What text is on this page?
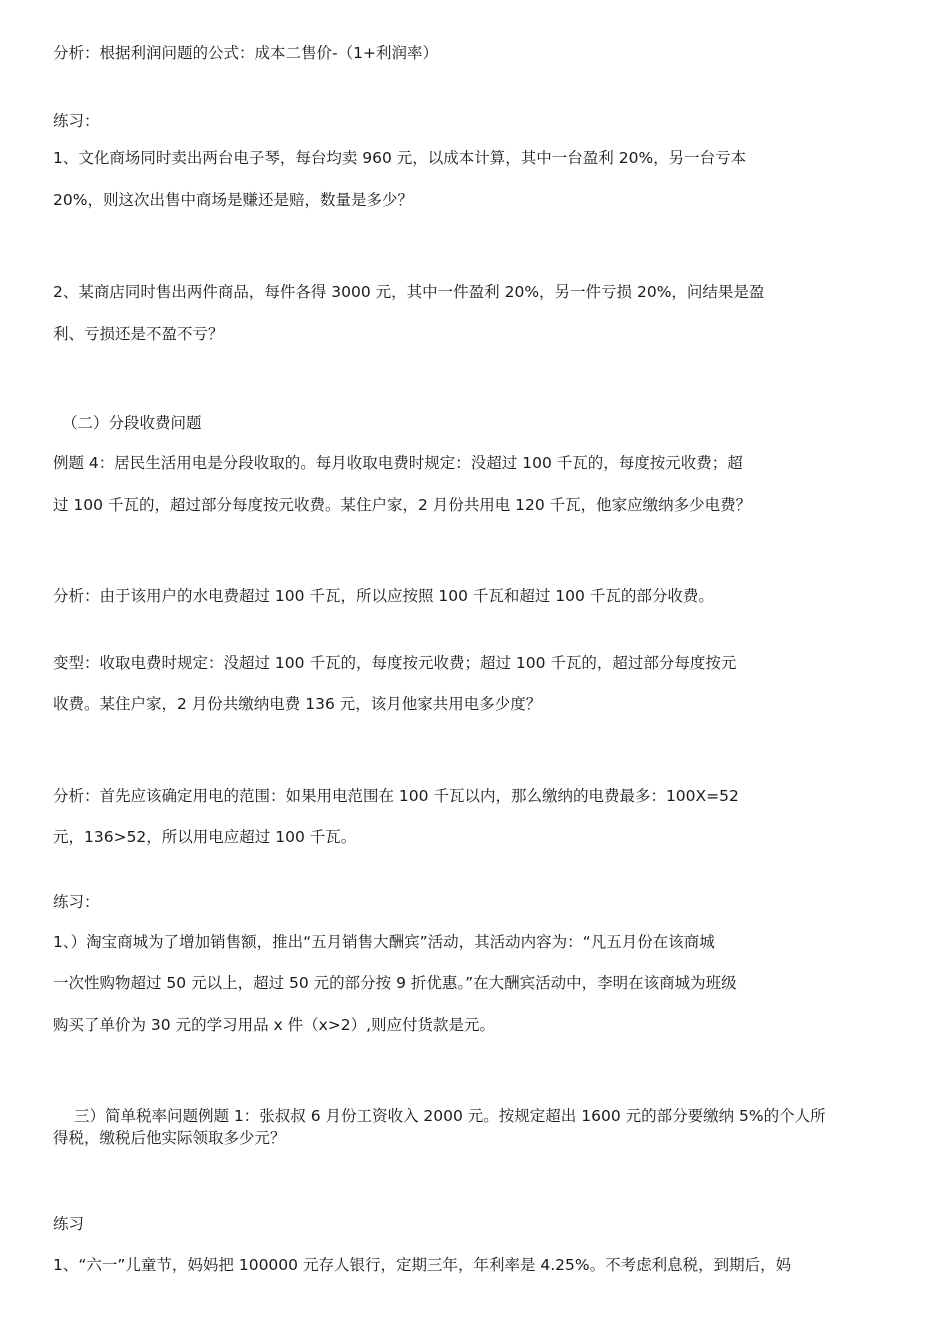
分析：根据利润问题的公式：成本二售价-（1+利润率）
练习：
1、文化商场同时卖出两台电子琴，每台均卖 960 元，以成本计算，其中一台盈利 20%，另一台亏本
20%，则这次出售中商场是赚还是赔，数量是多少？
2、某商店同时售出两件商品，每件各得 3000 元，其中一件盈利 20%，另一件亏损 20%，问结果是盈
利、亏损还是不盈不亏？
（二）分段收费问题
例题 4：居民生活用电是分段收取的。每月收取电费时规定：没超过 100 千瓦的，每度按元收费；超
过 100 千瓦的，超过部分每度按元收费。某住户家，2 月份共用电 120 千瓦，他家应缴纳多少电费？
分析：由于该用户的水电费超过 100 千瓦，所以应按照 100 千瓦和超过 100 千瓦的部分收费。
变型：收取电费时规定：没超过 100 千瓦的，每度按元收费；超过 100 千瓦的，超过部分每度按元
收费。某住户家，2 月份共缴纳电费 136 元，该月他家共用电多少度？
分析：首先应该确定用电的范围：如果用电范围在 100 千瓦以内，那么缴纳的电费最多：100X=52
元，136>52，所以用电应超过 100 千瓦。
练习：
1、）淘宝商城为了增加销售额，推出“五月销售大酬宾”活动，其活动内容为：“凡五月份在该商城
一次性购物超过 50 元以上，超过 50 元的部分按 9 折优惠。”在大酬宾活动中，李明在该商城为班级
购买了单价为 30 元的学习用品 x 件（x>2）,则应付货款是元。
三）简单税率问题例题 1：张叔叔 6 月份工资收入 2000 元。按规定超出 1600 元的部分要缴纳 5%的个人所
得税，缴税后他实际领取多少元？
练习
1、“六一”儿童节，妈妈把 100000 元存人银行，定期三年，年利率是 4.25%。不考虑利息税，到期后，妈
